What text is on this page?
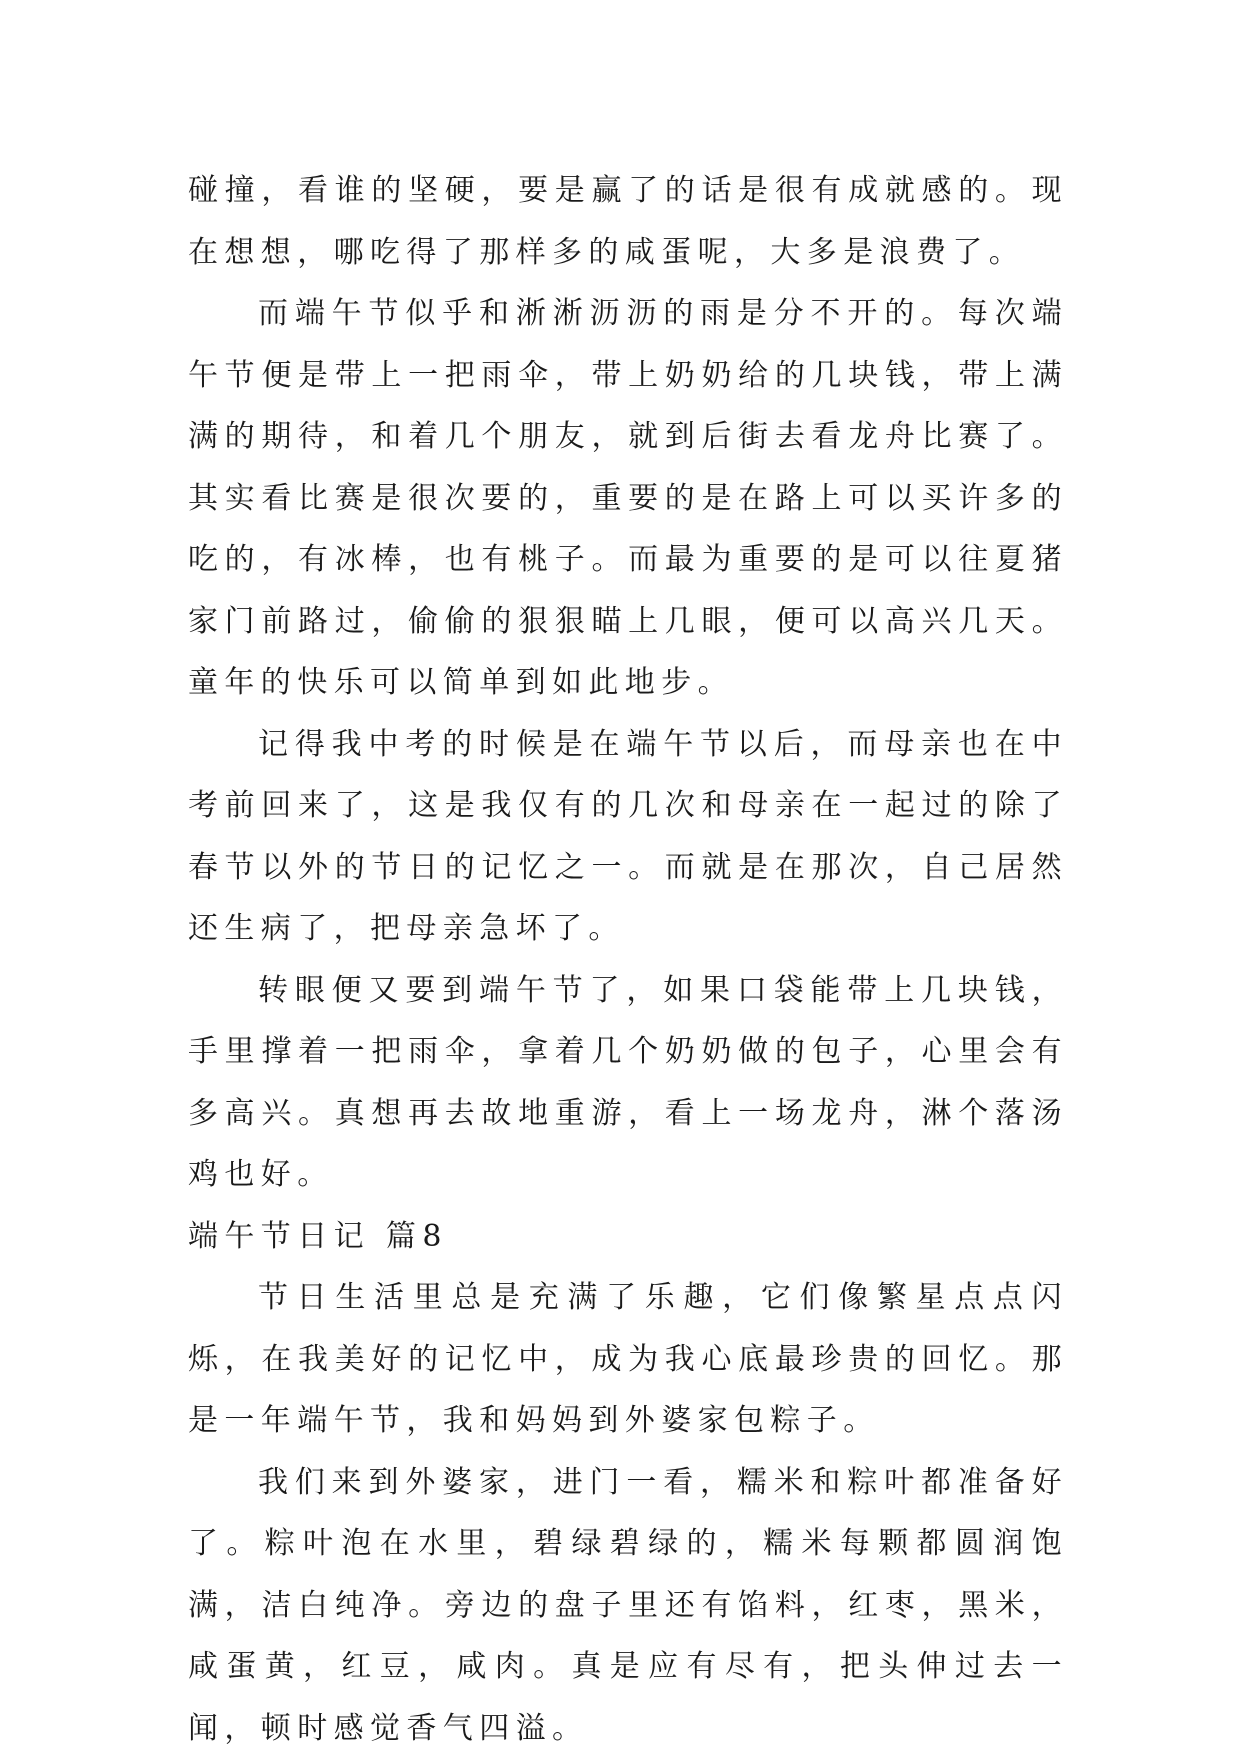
碰撞，看谁的坚硬，要是赢了的话是很有成就感的。现在想想，哪吃得了那样多的咸蛋呢，大多是浪费了。

而端午节似乎和淅淅沥沥的雨是分不开的。每次端午节便是带上一把雨伞，带上奶奶给的几块钱，带上满满的期待，和着几个朋友，就到后街去看龙舟比赛了。其实看比赛是很次要的，重要的是在路上可以买许多的吃的，有冰棒，也有桃子。而最为重要的是可以往夏猪家门前路过，偷偷的狠狠瞄上几眼，便可以高兴几天。童年的快乐可以简单到如此地步。

记得我中考的时候是在端午节以后，而母亲也在中考前回来了，这是我仅有的几次和母亲在一起过的除了春节以外的节日的记忆之一。而就是在那次，自己居然还生病了，把母亲急坏了。

转眼便又要到端午节了，如果口袋能带上几块钱，手里撑着一把雨伞，拿着几个奶奶做的包子，心里会有多高兴。真想再去故地重游，看上一场龙舟，淋个落汤鸡也好。

端午节日记 篇8

节日生活里总是充满了乐趣，它们像繁星点点闪烁，在我美好的记忆中，成为我心底最珍贵的回忆。那是一年端午节，我和妈妈到外婆家包粽子。

我们来到外婆家，进门一看，糯米和粽叶都准备好了。粽叶泡在水里，碧绿碧绿的，糯米每颗都圆润饱满，洁白纯净。旁边的盘子里还有馅料，红枣，黑米，咸蛋黄，红豆，咸肉。真是应有尽有，把头伸过去一闻，顿时感觉香气四溢。
